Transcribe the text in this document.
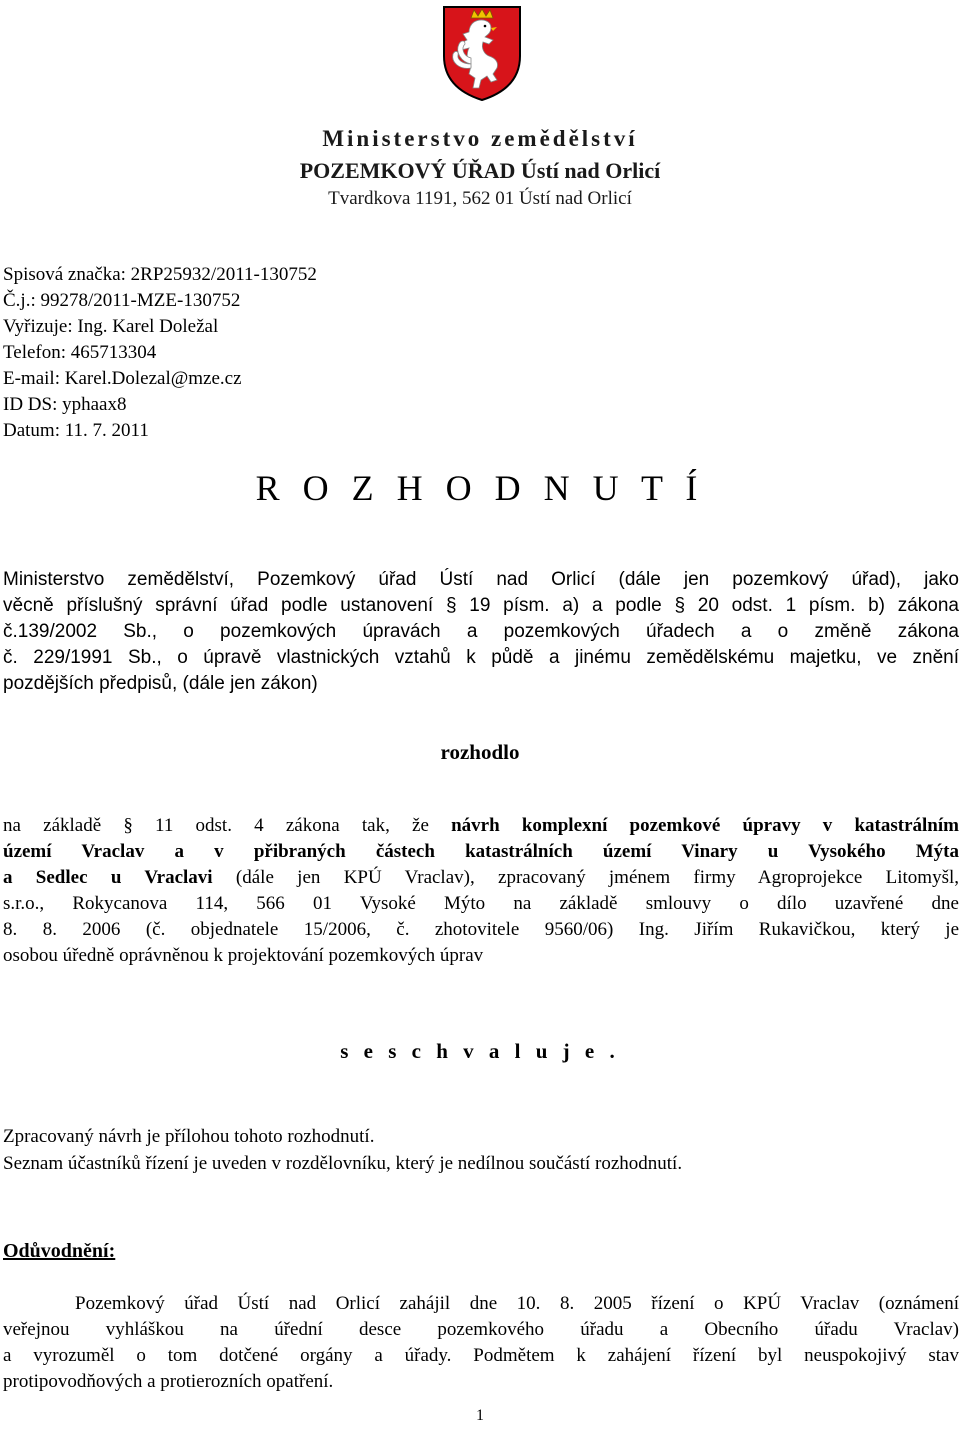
Ministerstvo zemědělství
POZEMKOVÝ ÚŘAD Ústí nad Orlicí
Tvardkova 1191, 562 01 Ústí nad Orlicí
Spisová značka: 2RP25932/2011-130752
Č.j.: 99278/2011-MZE-130752
Vyřizuje: Ing. Karel Doležal
Telefon: 465713304
E-mail: Karel.Dolezal@mze.cz
ID DS: yphaax8
Datum: 11. 7. 2011
R O Z H O D N U T Í
Ministerstvo zemědělství, Pozemkový úřad Ústí nad Orlicí (dále jen pozemkový úřad), jako
věcně příslušný správní úřad podle ustanovení § 19 písm. a) a podle § 20 odst. 1 písm. b) zákona
č.139/2002 Sb., o pozemkových úpravách a pozemkových úřadech a o změně zákona
č. 229/1991 Sb., o úpravě vlastnických vztahů k půdě a jinému zemědělskému majetku, ve znění
pozdějších předpisů, (dále jen zákon)
rozhodlo
na základě § 11 odst. 4 zákona tak, že návrh komplexní pozemkové úpravy v katastrálním
území Vraclav a v přibraných částech katastrálních území Vinary u Vysokého Mýta
a Sedlec u Vraclavi (dále jen KPÚ Vraclav), zpracovaný jménem firmy Agroprojekce Litomyšl,
s.r.o., Rokycanova 114, 566 01 Vysoké Mýto na základě smlouvy o dílo uzavřené dne
8. 8. 2006 (č. objednatele 15/2006, č. zhotovitele 9560/06) Ing. Jiřím Rukavičkou, který je
osobou úředně oprávněnou k projektování pozemkových úprav
s e s c h v a l u j e .
Zpracovaný návrh je přílohou tohoto rozhodnutí.
Seznam účastníků řízení je uveden v rozdělovníku, který je nedílnou součástí rozhodnutí.
Odůvodnění:
Pozemkový úřad Ústí nad Orlicí zahájil dne 10. 8. 2005 řízení o KPÚ Vraclav (oznámení
veřejnou vyhláškou na úřední desce pozemkového úřadu a Obecního úřadu Vraclav)
a vyrozuměl o tom dotčené orgány a úřady. Podmětem k zahájení řízení byl neuspokojivý stav
protipovodňových a protierozních opatření.
1
